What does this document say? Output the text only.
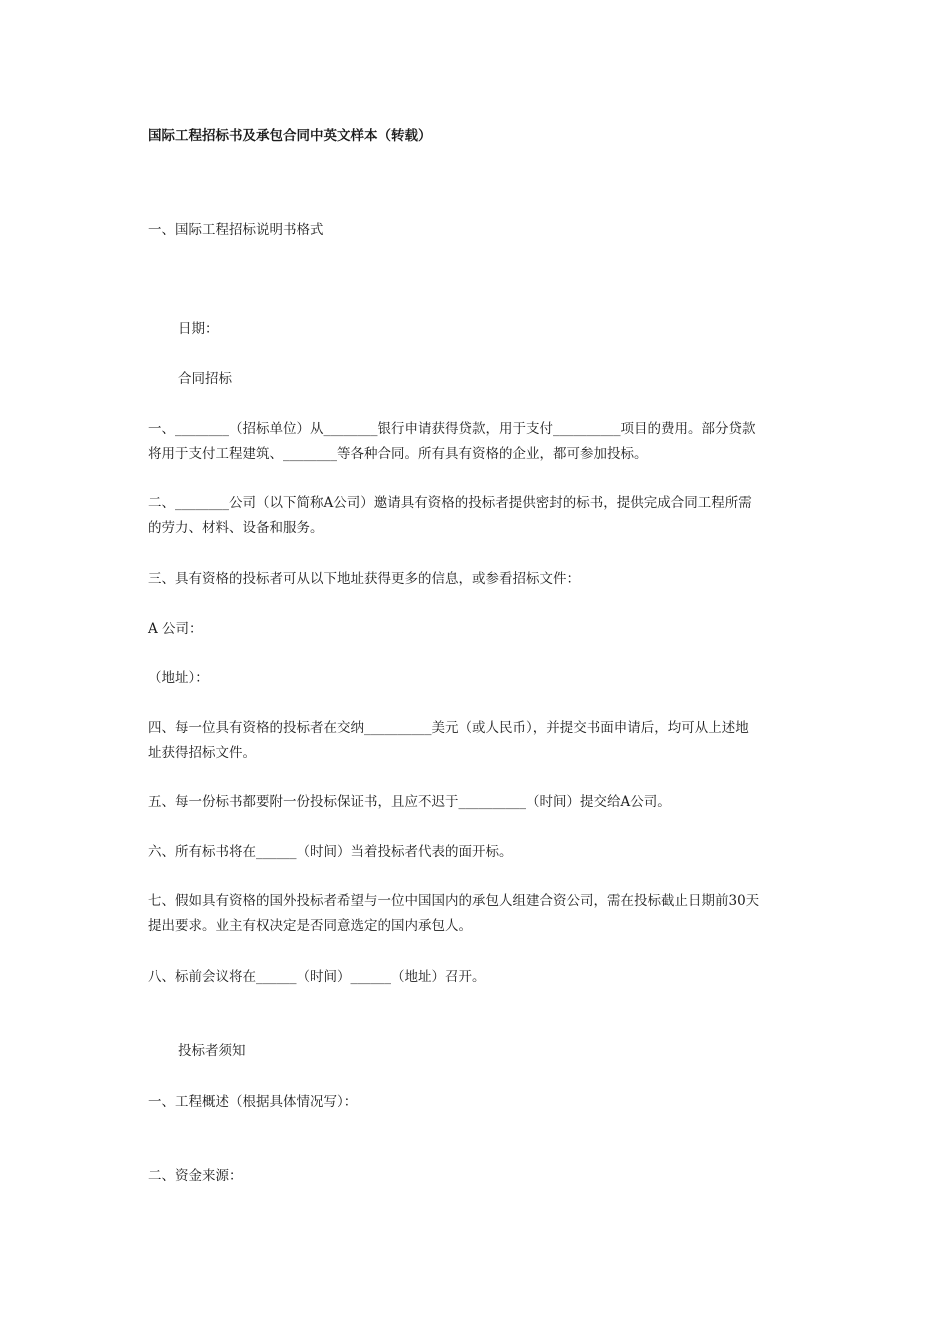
国际工程招标书及承包合同中英文样本（转载）
一、国际工程招标说明书格式
日期：
合同招标
一、________（招标单位）从________银行申请获得贷款，用于支付__________项目的费用。部分贷款
将用于支付工程建筑、________等各种合同。所有具有资格的企业，都可参加投标。
二、________公司（以下简称A公司）邀请具有资格的投标者提供密封的标书，提供完成合同工程所需
的劳力、材料、设备和服务。
三、具有资格的投标者可从以下地址获得更多的信息，或参看招标文件：
A 公司：
（地址）：
四、每一位具有资格的投标者在交纳__________美元（或人民币），并提交书面申请后，均可从上述地
址获得招标文件。
五、每一份标书都要附一份投标保证书，且应不迟于__________（时间）提交给A公司。
六、所有标书将在______（时间）当着投标者代表的面开标。
七、假如具有资格的国外投标者希望与一位中国国内的承包人组建合资公司，需在投标截止日期前30天
提出要求。业主有权决定是否同意选定的国内承包人。
八、标前会议将在______（时间）______（地址）召开。
投标者须知
一、工程概述（根据具体情况写）：
二、资金来源：
